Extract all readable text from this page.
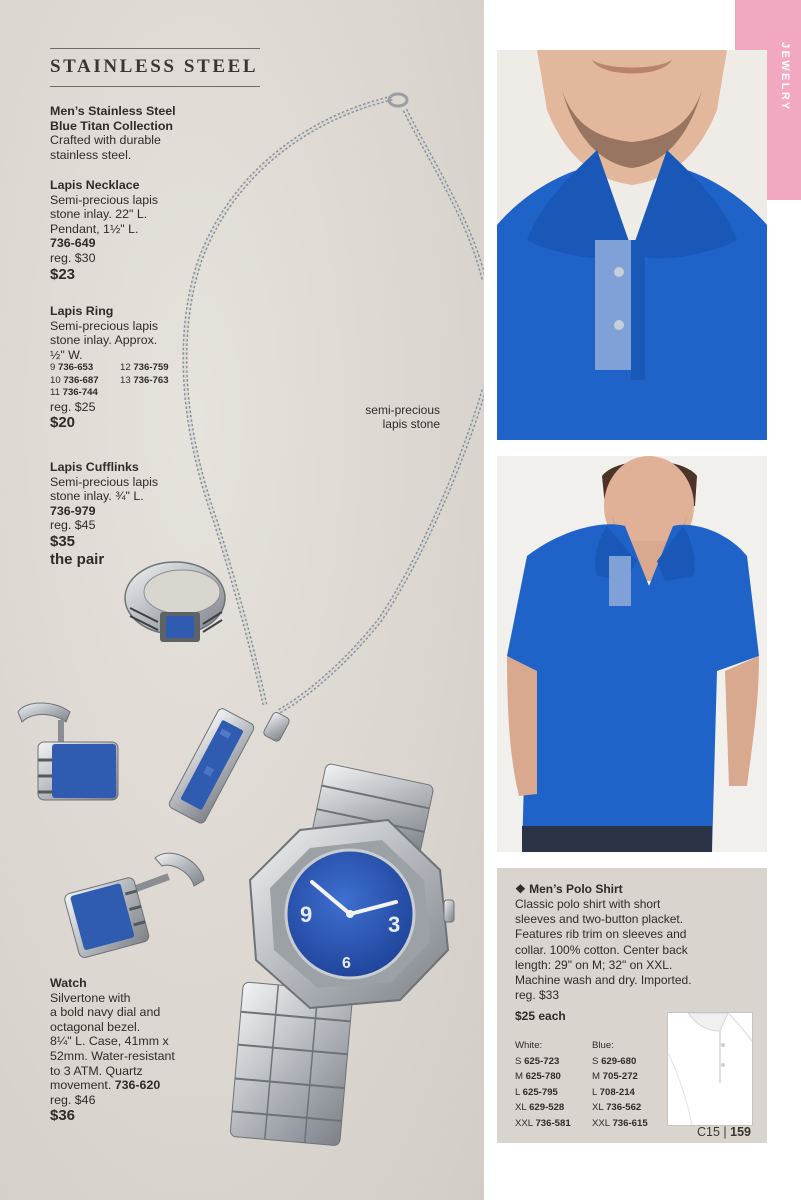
9	3
6
STAINLESS STEEL
Men’s Stainless Steel
Blue Titan Collection
Crafted with durable
stainless steel.
Lapis Necklace
Semi-precious lapis
stone inlay. 22" L.
Pendant, 1½" L.
736-649
reg. $30
$23
Lapis Ring
Semi-precious lapis
stone inlay. Approx.
½" W.
9 736-653	12 736-759
10 736-687 13 736-763
11 736-744
reg. $25
$20
Lapis Cufflinks
Semi-precious lapis
stone inlay. ¾" L.
736-979
reg. $45
$35
the pair
semi-precious
lapis stone
Watch
Silvertone with
a bold navy dial and
octagonal bezel.
8¼" L. Case, 41mm x
52mm. Water-resistant
to 3 ATM. Quartz
movement. 736-620
reg. $46
$36
JEWELRY
❖ Men’s Polo Shirt
Classic polo shirt with short
sleeves and two-button placket.
Features rib trim on sleeves and
collar. 100% cotton. Center back
length: 29" on M; 32" on XXL.
Machine wash and dry. Imported.
reg. $33
$25 each
White:
S 625-723
M 625-780
L 625-795
XL 629-528
XXL 736-581
Blue:
S 629-680
M 705-272
L 708-214
XL 736-562
XXL 736-615
C15 | 159
